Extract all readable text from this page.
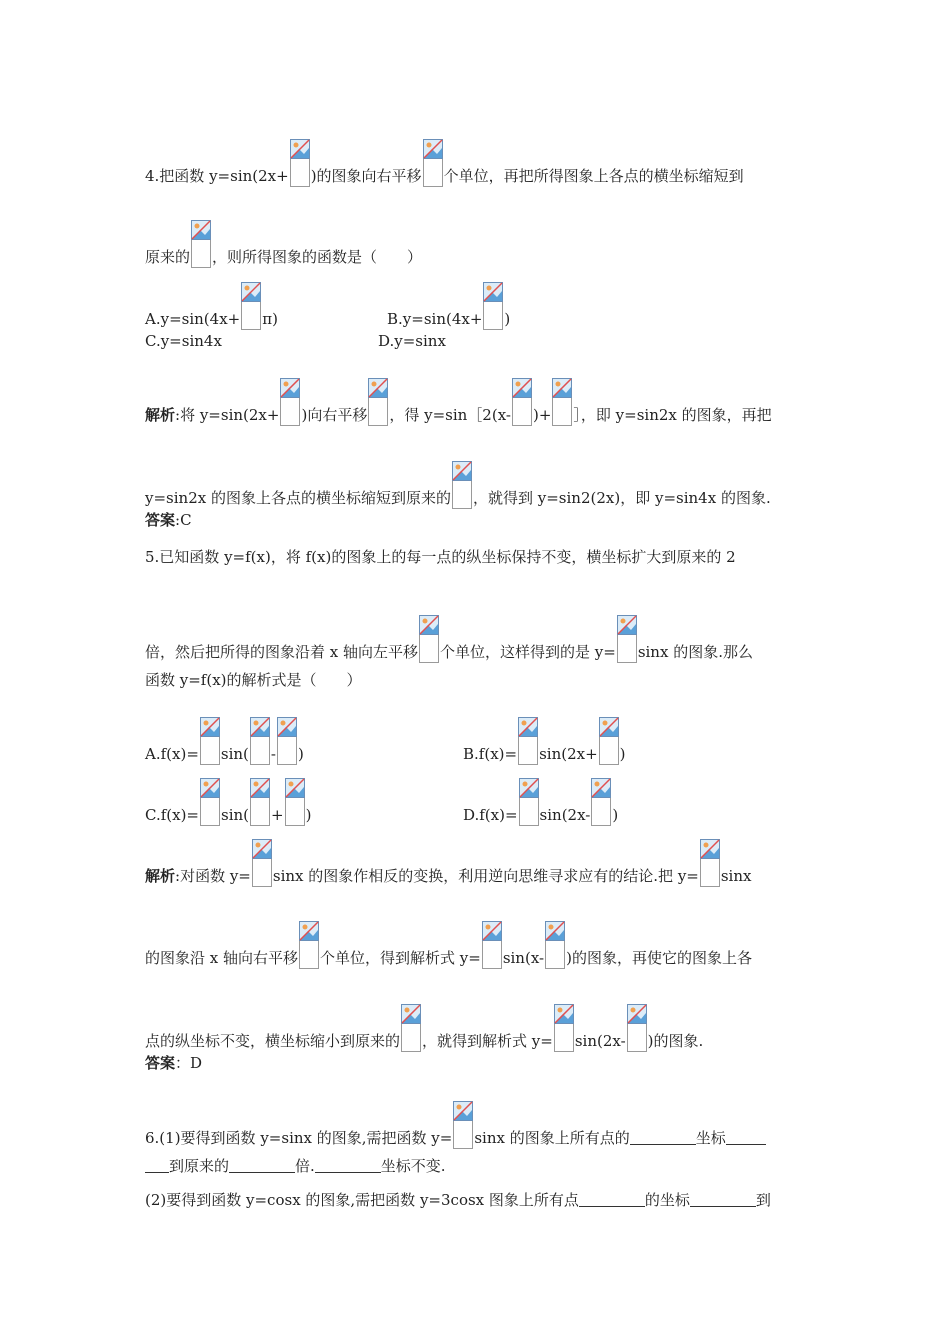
4.把函数 y=sin(2x+ )的图象向右平移 个单位，再把所得图象上各点的横坐标缩短到
原来的 ，则所得图象的函数是（　　）
A.y=sin(4x+ π)	B.y=sin(4x+ )
C.y=sin4x	D.y=sinx
解析:将 y=sin(2x+ )向右平移 ，得 y=sin［2(x- )+ ］，即 y=sin2x 的图象，再把
y=sin2x 的图象上各点的横坐标缩短到原来的 ，就得到 y=sin2(2x)，即 y=sin4x 的图象.
答案:C
5.已知函数 y=f(x)，将 f(x)的图象上的每一点的纵坐标保持不变，横坐标扩大到原来的 2
倍，然后把所得的图象沿着 x 轴向左平移 个单位，这样得到的是 y= sinx 的图象.那么
函数 y=f(x)的解析式是（　　）
A.f(x)= sin( - )	B.f(x)= sin(2x+ )
C.f(x)= sin( + )	D.f(x)= sin(2x- )
解析:对函数 y= sinx 的图象作相反的变换，利用逆向思维寻求应有的结论.把 y= sinx
的图象沿 x 轴向右平移 个单位，得到解析式 y= sin(x- )的图象，再使它的图象上各
点的纵坐标不变，横坐标缩小到原来的 ，就得到解析式 y= sin(2x- )的图象.
答案：D
6.(1)要得到函数 y=sinx 的图象,需把函数 y= sinx 的图象上所有点的	坐标
到原来的	倍.	坐标不变.
(2)要得到函数 y=cosx 的图象,需把函数 y=3cosx 图象上所有点	的坐标	到
